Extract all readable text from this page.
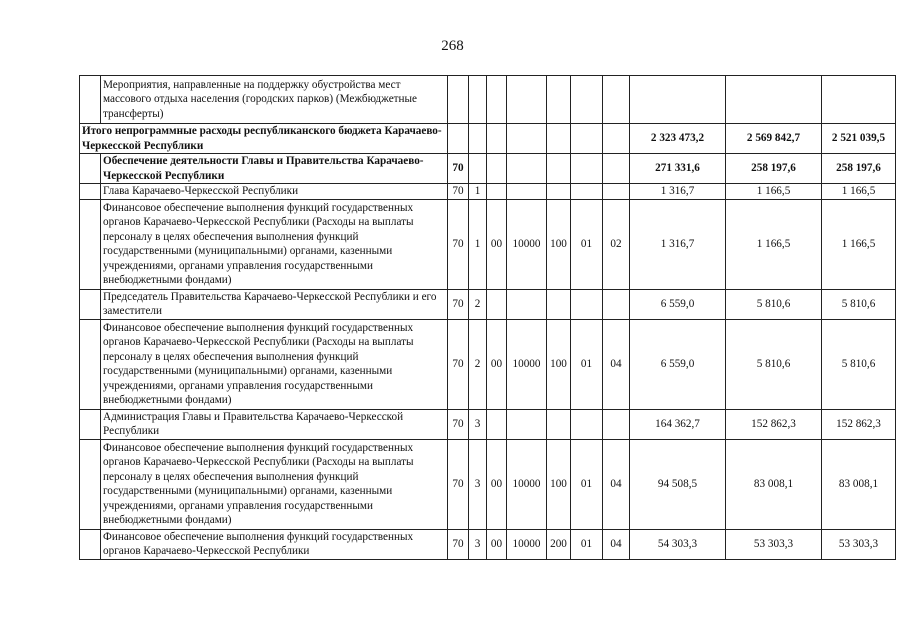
268
	Мероприятия, направленные на поддержку обустройства мест массового отдыха населения (городских парков) (Межбюджетные трансферты)										
Итого непрограммные расходы республиканского бюджета Карачаево-Черкесской Республики									2 323 473,2	2 569 842,7	2 521 039,5
	Обеспечение деятельности Главы и Правительства Карачаево-Черкесской Республики	70							271 331,6	258 197,6	258 197,6
	Глава Карачаево-Черкесской Республики	70	1						1 316,7	1 166,5	1 166,5
	Финансовое обеспечение выполнения функций государственных органов Карачаево-Черкесской Республики (Расходы на выплаты персоналу в целях обеспечения выполнения функций государственными (муниципальными) органами, казенными учреждениями, органами управления государственными внебюджетными фондами)	70	1	00	10000	100	01	02	1 316,7	1 166,5	1 166,5
	Председатель Правительства Карачаево-Черкесской Республики и его заместители	70	2						6 559,0	5 810,6	5 810,6
	Финансовое обеспечение выполнения функций государственных органов Карачаево-Черкесской Республики (Расходы на выплаты персоналу в целях обеспечения выполнения функций государственными (муниципальными) органами, казенными учреждениями, органами управления государственными внебюджетными фондами)	70	2	00	10000	100	01	04	6 559,0	5 810,6	5 810,6
	Администрация Главы и Правительства Карачаево-Черкесской Республики	70	3						164 362,7	152 862,3	152 862,3
	Финансовое обеспечение выполнения функций государственных органов Карачаево-Черкесской Республики (Расходы на выплаты персоналу в целях обеспечения выполнения функций государственными (муниципальными) органами, казенными учреждениями, органами управления государственными внебюджетными фондами)	70	3	00	10000	100	01	04	94 508,5	83 008,1	83 008,1
	Финансовое обеспечение выполнения функций государственных органов Карачаево-Черкесской Республики	70	3	00	10000	200	01	04	54 303,3	53 303,3	53 303,3
